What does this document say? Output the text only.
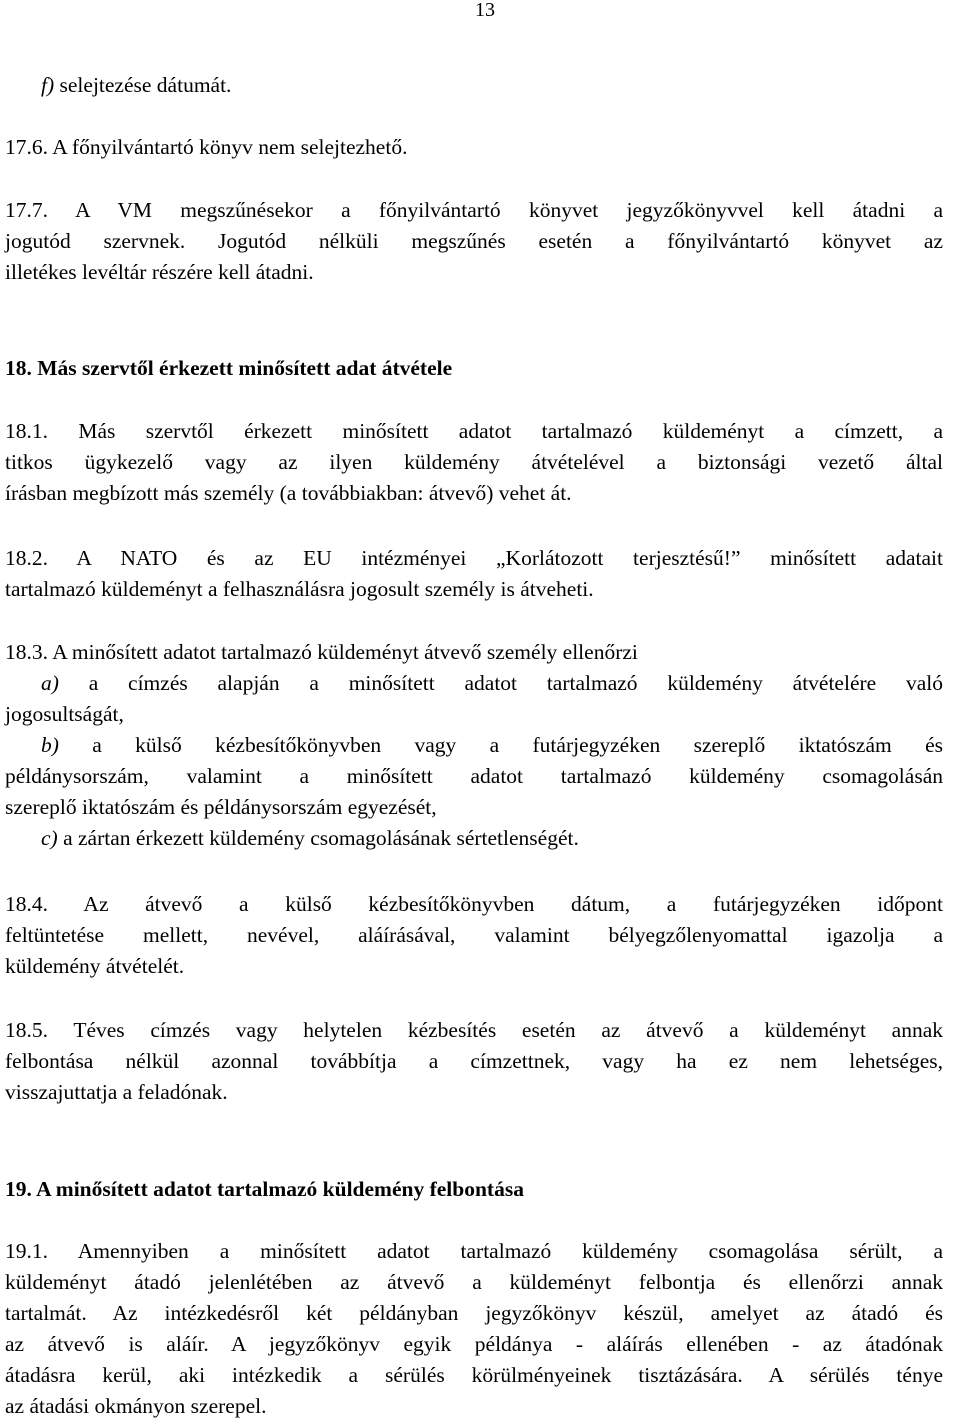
13
f) selejtezése dátumát.
17.6. A főnyilvántartó könyv nem selejtezhető.
17.7. A VM megszűnésekor a főnyilvántartó könyvet jegyzőkönyvvel kell átadni a
jogutód szervnek. Jogutód nélküli megszűnés esetén a főnyilvántartó könyvet az
illetékes levéltár részére kell átadni.
18. Más szervtől érkezett minősített adat átvétele
18.1. Más szervtől érkezett minősített adatot tartalmazó küldeményt a címzett, a
titkos ügykezelő vagy az ilyen küldemény átvételével a biztonsági vezető által
írásban megbízott más személy (a továbbiakban: átvevő) vehet át.
18.2. A NATO és az EU intézményei „Korlátozott terjesztésű!” minősített adatait
tartalmazó küldeményt a felhasználásra jogosult személy is átveheti.
18.3. A minősített adatot tartalmazó küldeményt átvevő személy ellenőrzi
a) a címzés alapján a minősített adatot tartalmazó küldemény átvételére való
jogosultságát,
b) a külső kézbesítőkönyvben vagy a futárjegyzéken szereplő iktatószám és
példánysorszám, valamint a minősített adatot tartalmazó küldemény csomagolásán
szereplő iktatószám és példánysorszám egyezését,
c) a zártan érkezett küldemény csomagolásának sértetlenségét.
18.4. Az átvevő a külső kézbesítőkönyvben dátum, a futárjegyzéken időpont
feltüntetése mellett, nevével, aláírásával, valamint bélyegzőlenyomattal igazolja a
küldemény átvételét.
18.5. Téves címzés vagy helytelen kézbesítés esetén az átvevő a küldeményt annak
felbontása nélkül azonnal továbbítja a címzettnek, vagy ha ez nem lehetséges,
visszajuttatja a feladónak.
19. A minősített adatot tartalmazó küldemény felbontása
19.1. Amennyiben a minősített adatot tartalmazó küldemény csomagolása sérült, a
küldeményt átadó jelenlétében az átvevő a küldeményt felbontja és ellenőrzi annak
tartalmát. Az intézkedésről két példányban jegyzőkönyv készül, amelyet az átadó és
az átvevő is aláír. A jegyzőkönyv egyik példánya - aláírás ellenében - az átadónak
átadásra kerül, aki intézkedik a sérülés körülményeinek tisztázására. A sérülés ténye
az átadási okmányon szerepel.
